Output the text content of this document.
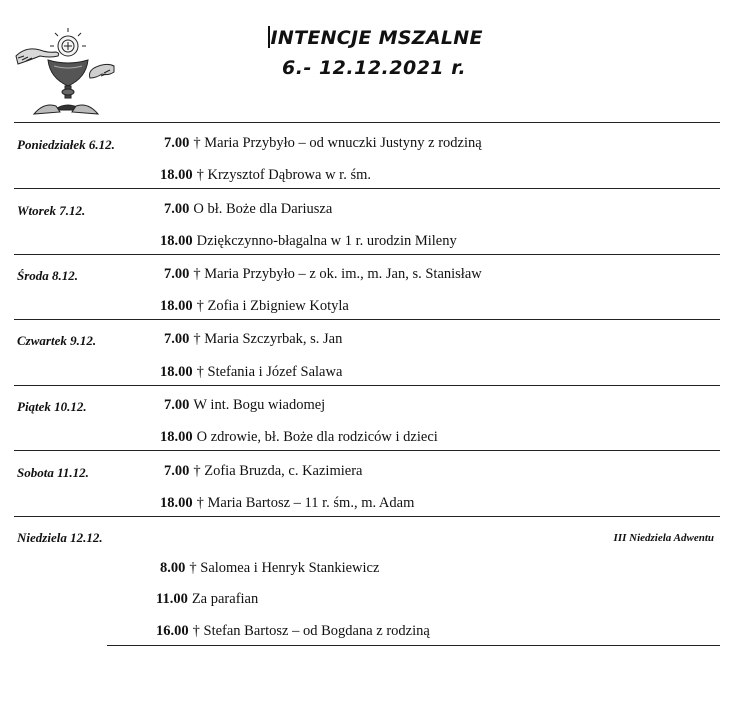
INTENCJE MSZALNE
6.- 12.12.2021 r.
Poniedziałek 6.12.	7.00 † Maria Przybyło – od wnuczki Justyny z rodziną
18.00 † Krzysztof Dąbrowa w r. śm.
Wtorek 7.12.	7.00 O bł. Boże dla Dariusza
18.00 Dziękczynno-błagalna w 1 r. urodzin Mileny
Środa 8.12.	7.00 † Maria Przybyło – z ok. im., m. Jan, s. Stanisław
18.00 † Zofia i Zbigniew Kotyla
Czwartek 9.12.	7.00 † Maria Szczyrbak, s. Jan
18.00 † Stefania i Józef Salawa
Piątek 10.12.	7.00 W int. Bogu wiadomej
18.00 O zdrowie, bł. Boże dla rodziców i dzieci
Sobota 11.12.	7.00 † Zofia Bruzda, c. Kazimiera
18.00 † Maria Bartosz – 11 r. śm., m. Adam
Niedziela 12.12.	III Niedziela Adwentu
8.00 † Salomea i Henryk Stankiewicz
11.00 Za parafian
16.00 † Stefan Bartosz – od Bogdana z rodziną
